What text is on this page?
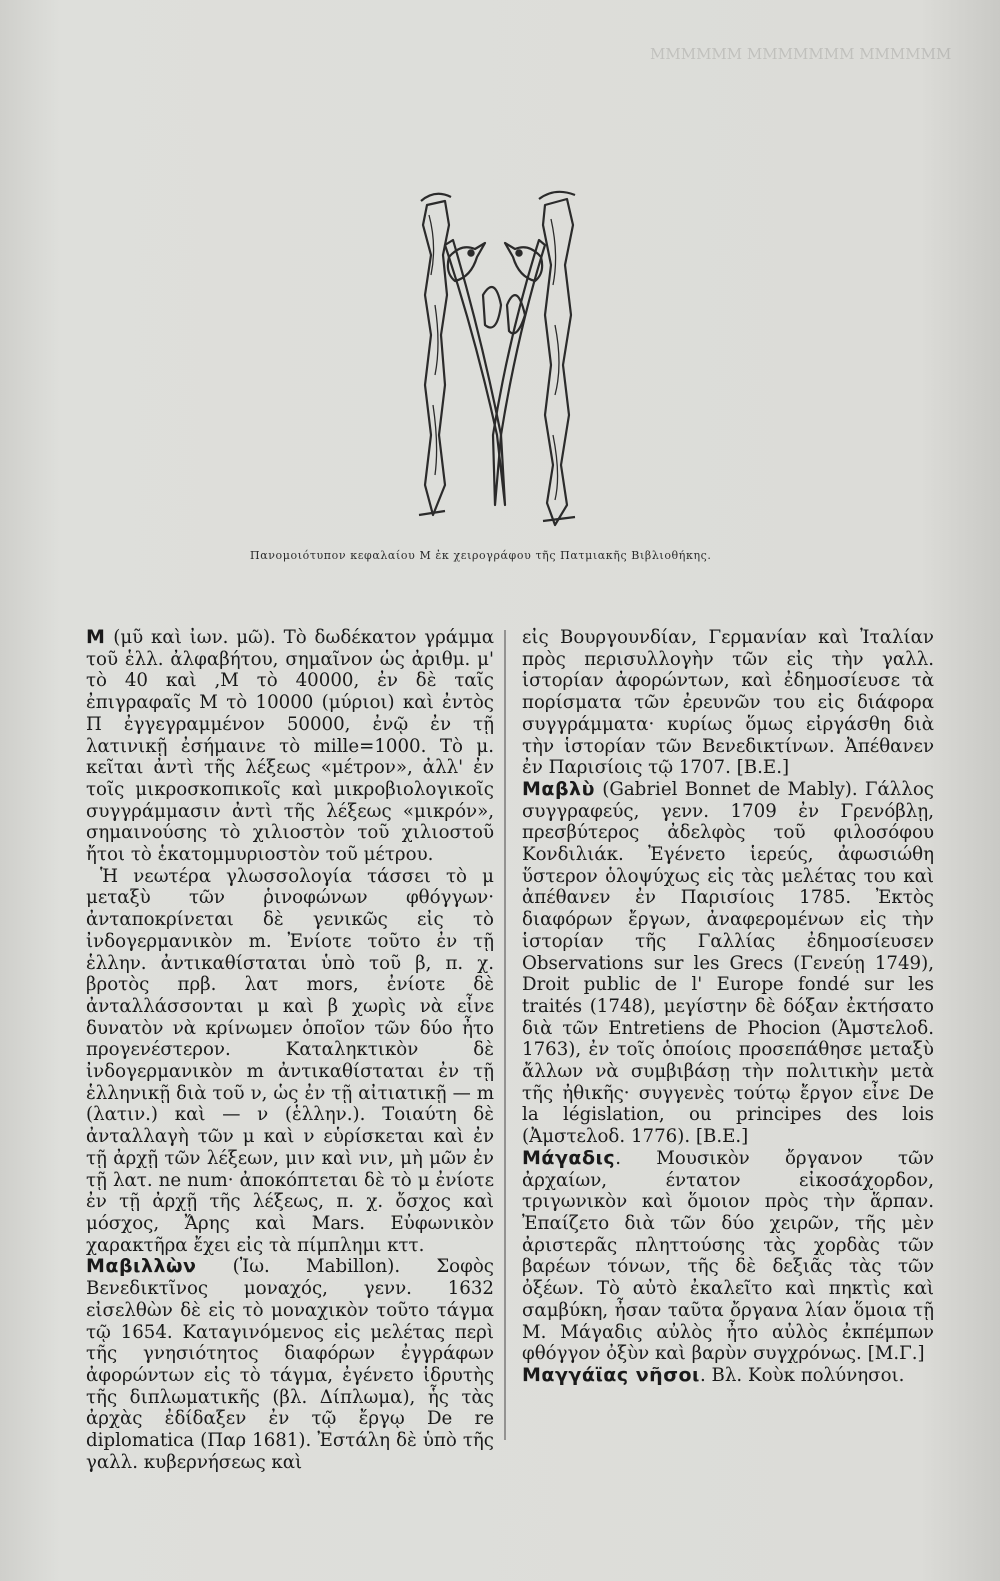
ΜΜΜΜΜΜ ΜΜΜΜΜΜΜ ΜΜΜΜΜΜ
Πανομοιότυπον κεφαλαίου Μ ἐκ χειρογράφου τῆς Πατμιακῆς Βιβλιοθήκης.

Μ (μῦ καὶ ἰων. μῶ). Τὸ δωδέκατον γράμμα τοῦ ἑλλ. ἀλφαβήτου, σημαῖνον ὡς ἀριθμ. μ' τὸ 40 καὶ ,Μ τὸ 40000, ἐν δὲ ταῖς ἐπιγραφαῖς Μ τὸ 10000 (μύριοι) καὶ ἐντὸς Π ἐγγεγραμμένον 50000, ἐνῷ ἐν τῇ λατινικῇ ἐσήμαινε τὸ mille=1000. Τὸ μ. κεῖται ἀντὶ τῆς λέξεως «μέτρον», ἀλλ' ἐν τοῖς μικροσκοπικοῖς καὶ μικροβιολογικοῖς συγγράμμασιν ἀντὶ τῆς λέξεως «μικρόν», σημαινούσης τὸ χιλιοστὸν τοῦ χιλιοστοῦ ἤτοι τὸ ἑκατομμυριοστὸν τοῦ μέτρου.

Ἡ νεωτέρα γλωσσολογία τάσσει τὸ μ μεταξὺ τῶν ῥινοφώνων φθόγγων· ἀνταποκρίνεται δὲ γενικῶς εἰς τὸ ἰνδογερμανικὸν m. Ἐνίοτε τοῦτο ἐν τῇ ἑλλην. ἀντικαθίσταται ὑπὸ τοῦ β, π. χ. βροτὸς πρβ. λατ mors, ἐνίοτε δὲ ἀνταλλάσσονται μ καὶ β χωρὶς νὰ εἶνε δυνατὸν νὰ κρίνωμεν ὁποῖον τῶν δύο ἦτο προγενέστερον. Καταληκτικὸν δὲ ἰνδογερμανικὸν m ἀντικαθίσταται ἐν τῇ ἑλληνικῇ διὰ τοῦ ν, ὡς ἐν τῇ αἰτιατικῇ — m (λατιν.) καὶ — ν (ἑλλην.). Τοιαύτη δὲ ἀνταλλαγὴ τῶν μ καὶ ν εὑρίσκεται καὶ ἐν τῇ ἀρχῇ τῶν λέξεων, μιν καὶ νιν, μὴ μῶν ἐν τῇ λατ. ne num· ἀποκόπτεται δὲ τὸ μ ἐνίοτε ἐν τῇ ἀρχῇ τῆς λέξεως, π. χ. ὄσχος καὶ μόσχος, Ἄρης καὶ Mars. Εὐφωνικὸν χαρακτῆρα ἔχει εἰς τὰ πίμπλημι κττ.

Μαβιλλὼν (Ἰω. Mabillon). Σοφὸς Βενεδικτῖνος μοναχός, γενν. 1632 εἰσελθὼν δὲ εἰς τὸ μοναχικὸν τοῦτο τάγμα τῷ 1654. Καταγινόμενος εἰς μελέτας περὶ τῆς γνησιότητος διαφόρων ἐγγράφων ἀφορώντων εἰς τὸ τάγμα, ἐγένετο ἱδρυτὴς τῆς διπλωματικῆς (βλ. Δίπλωμα), ἧς τὰς ἀρχὰς ἐδίδαξεν ἐν τῷ ἔργῳ De re diplomatica (Παρ 1681). Ἐστάλη δὲ ὑπὸ τῆς γαλλ. κυβερνήσεως καὶ

εἰς Βουργουνδίαν, Γερμανίαν καὶ Ἰταλίαν πρὸς περισυλλογὴν τῶν εἰς τὴν γαλλ. ἱστορίαν ἀφορώντων, καὶ ἐδημοσίευσε τὰ πορίσματα τῶν ἐρευνῶν του εἰς διάφορα συγγράμματα· κυρίως ὅμως εἰργάσθη διὰ τὴν ἱστορίαν τῶν Βενεδικτίνων. Ἀπέθανεν ἐν Παρισίοις τῷ 1707. [Β.Ε.]

Μαβλὺ (Gabriel Bonnet de Mably). Γάλλος συγγραφεύς, γενν. 1709 ἐν Γρενόβλῃ, πρεσβύτερος ἀδελφὸς τοῦ φιλοσόφου Κονδιλιάκ. Ἐγένετο ἱερεύς, ἀφωσιώθη ὕστερον ὁλοψύχως εἰς τὰς μελέτας του καὶ ἀπέθανεν ἐν Παρισίοις 1785. Ἐκτὸς διαφόρων ἔργων, ἀναφερομένων εἰς τὴν ἱστορίαν τῆς Γαλλίας ἐδημοσίευσεν Observations sur les Grecs (Γενεύῃ 1749), Droit public de l' Europe fondé sur les traités (1748), μεγίστην δὲ δόξαν ἐκτήσατο διὰ τῶν Entretiens de Phocion (Ἀμστελοδ. 1763), ἐν τοῖς ὁποίοις προσεπάθησε μεταξὺ ἄλλων νὰ συμβιβάσῃ τὴν πολιτικὴν μετὰ τῆς ἠθικῆς· συγγενὲς τούτῳ ἔργον εἶνε De la législation, ou principes des lois (Ἀμστελοδ. 1776). [Β.Ε.]

Μάγαδις. Μουσικὸν ὄργανον τῶν ἀρχαίων, έντατον εἰκοσάχορδον, τριγωνικὸν καὶ ὅμοιον πρὸς τὴν ἅρπαν. Ἐπαίζετο διὰ τῶν δύο χειρῶν, τῆς μὲν ἀριστερᾶς πληττούσης τὰς χορδὰς τῶν βαρέων τόνων, τῆς δὲ δεξιᾶς τὰς τῶν ὀξέων. Τὸ αὐτὸ ἐκαλεῖτο καὶ πηκτὶς καὶ σαμβύκη, ἦσαν ταῦτα ὄργανα λίαν ὅμοια τῇ Μ. Μάγαδις αὐλὸς ἦτο αὐλὸς ἐκπέμπων φθόγγον ὀξὺν καὶ βαρὺν συγχρόνως. [Μ.Γ.]

Μαγγάϊας νῆσοι. Βλ. Κοὺκ πολύνησοι.
